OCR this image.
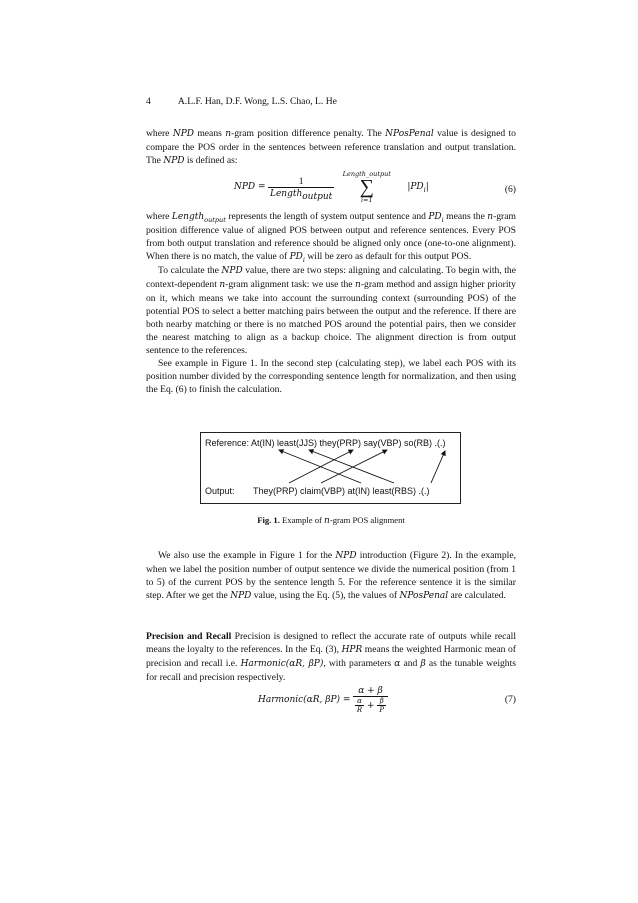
4	A.L.F. Han, D.F. Wong, L.S. Chao, L. He

where NPD means n-gram position difference penalty. The NPosPenal value is designed to compare the POS order in the sentences between reference translation and output translation. The NPD is defined as:

NPD = $\frac{1}{Length_{output}}$

Length_output
∑
i=1
$|PD_i|$	(6)

where Length$_{output}$ represents the length of system output sentence and $PD_i$ means the n-gram position difference value of aligned POS between output and reference sentences. Every POS from both output translation and reference should be aligned only once (one-to-one alignment). When there is no match, the value of $PD_i$ will be zero as default for this output POS.

To calculate the NPD value, there are two steps: aligning and calculating. To begin with, the context-dependent n-gram alignment task: we use the n-gram method and assign higher priority on it, which means we take into account the surrounding context (surrounding POS) of the potential POS to select a better matching pairs between the output and the reference. If there are both nearby matching or there is no matched POS around the potential pairs, then we consider the nearest matching to align as a backup choice. The alignment direction is from output sentence to the references.

See example in Figure 1. In the second step (calculating step), we label each POS with its position number divided by the corresponding sentence length for normalization, and then using the Eq. (6) to finish the calculation.

Reference: At(IN) least(JJS) they(PRP) say(VBP) so(RB) .(.)
Output: They(PRP) claim(VBP) at(IN) least(RBS) .(.)
Fig. 1. Example of n-gram POS alignment

We also use the example in Figure 1 for the NPD introduction (Figure 2). In the example, when we label the position number of output sentence we divide the numerical position (from 1 to 5) of the current POS by the sentence length 5. For the reference sentence it is the similar step. After we get the NPD value, using the Eq. (5), the values of NPosPenal are calculated.

Precision and Recall Precision is designed to reflect the accurate rate of outputs while recall means the loyalty to the references. In the Eq. (3), HPR means the weighted Harmonic mean of precision and recall i.e. Harmonic(αR, βP), with parameters α and β as the tunable weights for recall and precision respectively.

Harmonic(αR, $\beta P) = \frac{\alpha + \beta}{\frac{\alpha}{R} + \frac{\beta}{P}}$	(7)
